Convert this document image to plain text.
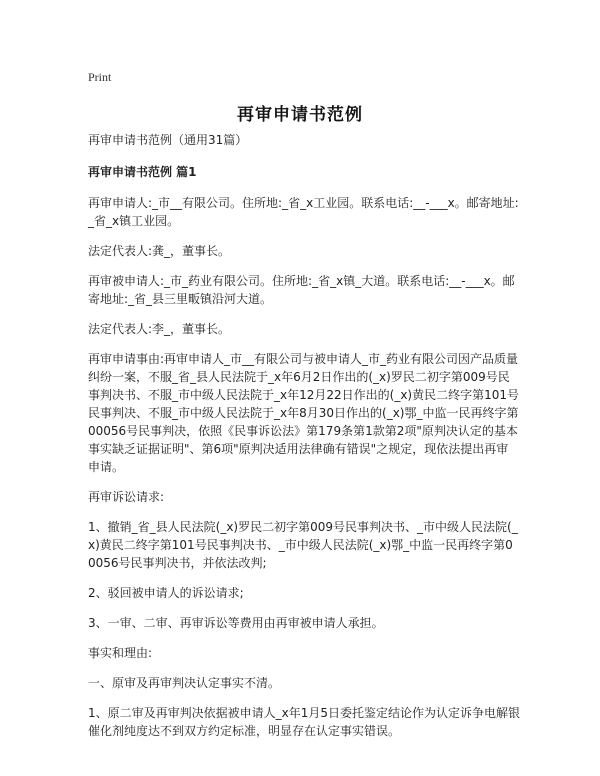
Print
再审申请书范例

再审申请书范例（通用31篇）

再审申请书范例 篇1

再审申请人:_市__有限公司。住所地:_省_x工业园。联系电话:__-___x。邮寄地址:_省_x镇工业园。

法定代表人:龚_，董事长。

再审被申请人:_市_药业有限公司。住所地:_省_x镇_大道。联系电话:__-___x。邮寄地址:_省_县三里畈镇沿河大道。

法定代表人:李_，董事长。

再审申请事由:再审申请人_市__有限公司与被申请人_市_药业有限公司因产品质量纠纷一案，不服_省_县人民法院于_x年6月2日作出的(_x)罗民二初字第009号民事判决书、不服_市中级人民法院于_x年12月22日作出的(_x)黄民二终字第101号民事判决、不服_市中级人民法院于_x年8月30日作出的(_x)鄂_中监一民再终字第00056号民事判决，依照《民事诉讼法》第179条第1款第2项"原判决认定的基本事实缺乏证据证明"、第6项"原判决适用法律确有错误"之规定，现依法提出再审申请。

再审诉讼请求:

1、撤销_省_县人民法院(_x)罗民二初字第009号民事判决书、_市中级人民法院(_x)黄民二终字第101号民事判决书、_市中级人民法院(_x)鄂_中监一民再终字第00056号民事判决书，并依法改判;

2、驳回被申请人的诉讼请求;

3、一审、二审、再审诉讼等费用由再审被申请人承担。

事实和理由:

一、原审及再审判决认定事实不清。

1、原二审及再审判决依据被申请人_x年1月5日委托鉴定结论作为认定诉争电解银催化剂纯度达不到双方约定标准，明显存在认定事实错误。
